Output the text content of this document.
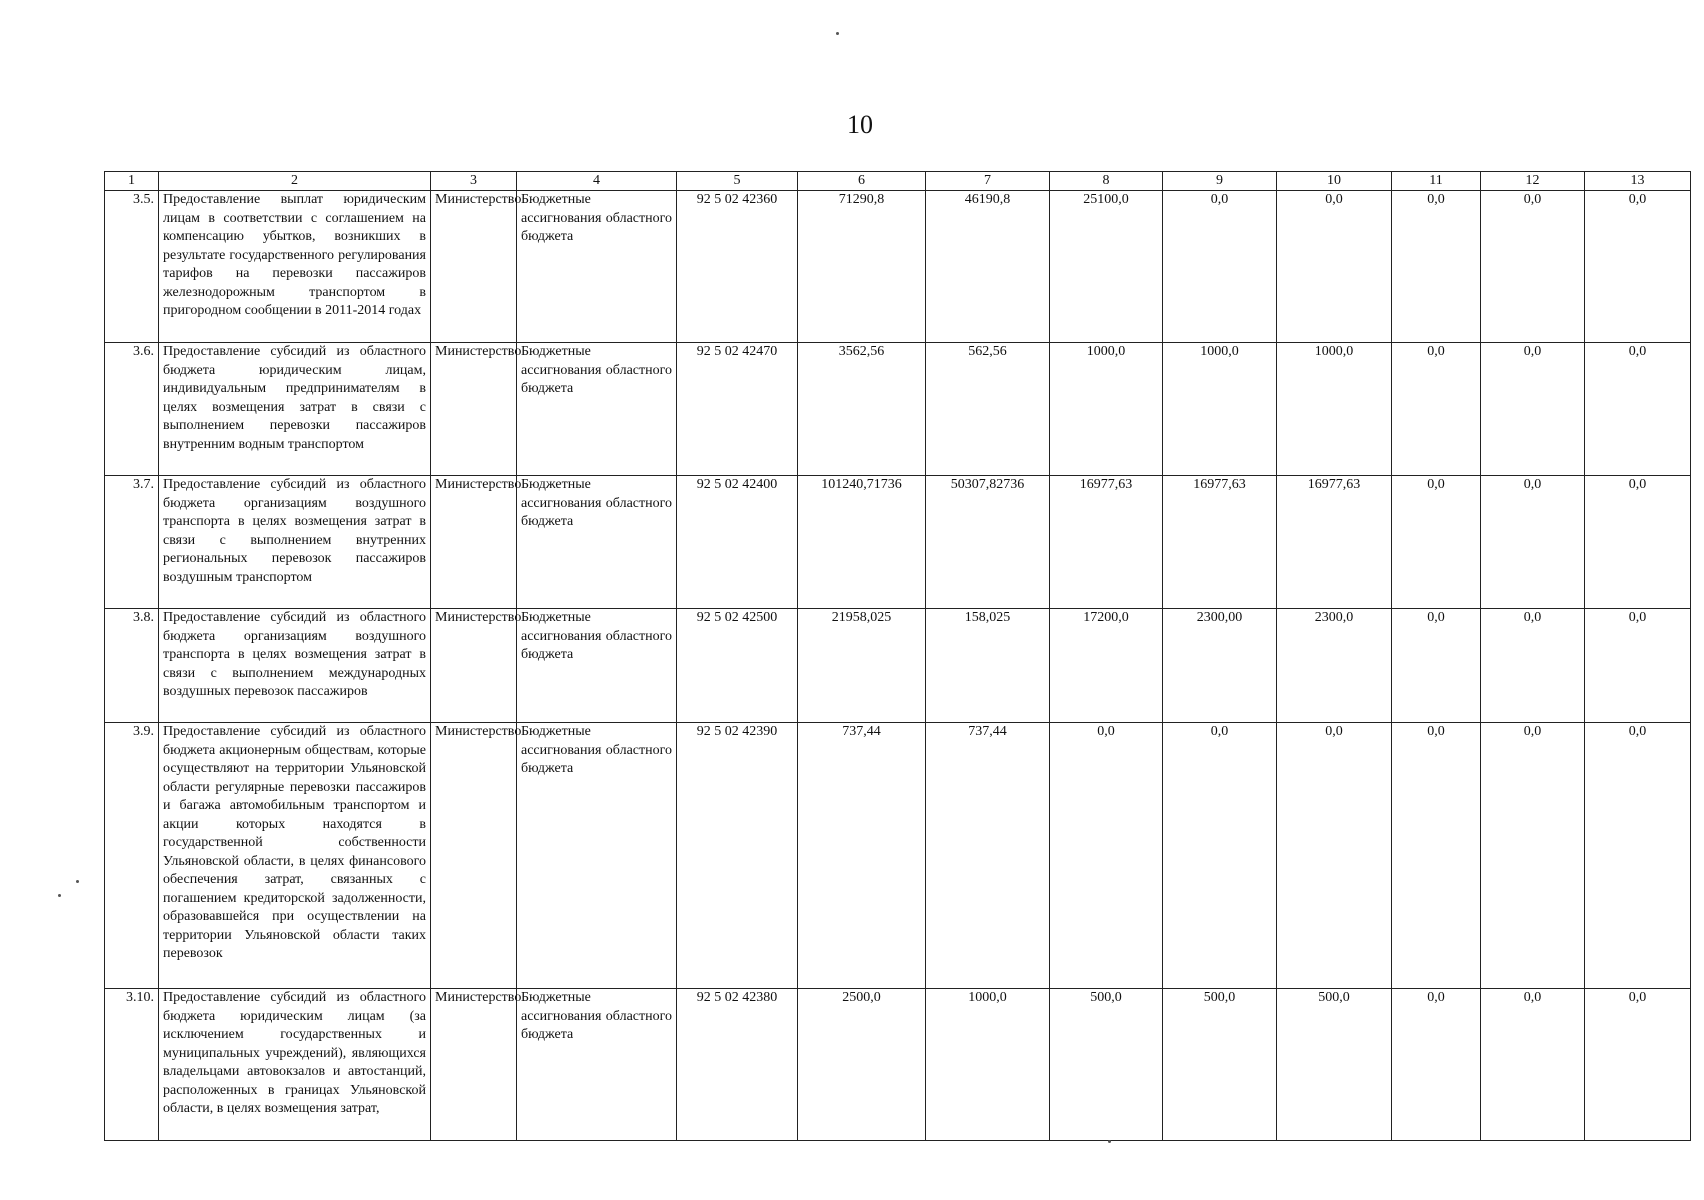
10
1	2	3	4	5	6	7	8	9	10	11	12	13
3.5.	Предоставление выплат юридическим лицам в соответствии с соглашением на компенсацию убытков, возникших в результате государственного регулирования тарифов на перевозки пассажиров железнодорожным транспортом в пригородном сообщении в 2011-2014 годах	Министерство	Бюджетные ассигнования областного бюджета	92 5 02 42360	71290,8	46190,8	25100,0	0,0	0,0	0,0	0,0	0,0
3.6.	Предоставление субсидий из областного бюджета юридическим лицам, индивидуальным предпринимателям в целях возмещения затрат в связи с выполнением перевозки пассажиров внутренним водным транспортом	Министерство	Бюджетные ассигнования областного бюджета	92 5 02 42470	3562,56	562,56	1000,0	1000,0	1000,0	0,0	0,0	0,0
3.7.	Предоставление субсидий из областного бюджета организациям воздушного транспорта в целях возмещения затрат в связи с выполнением внутренних региональных перевозок пассажиров воздушным транспортом	Министерство	Бюджетные ассигнования областного бюджета	92 5 02 42400	101240,71736	50307,82736	16977,63	16977,63	16977,63	0,0	0,0	0,0
3.8.	Предоставление субсидий из областного бюджета организациям воздушного транспорта в целях возмещения затрат в связи с выполнением международных воздушных перевозок пассажиров	Министерство	Бюджетные ассигнования областного бюджета	92 5 02 42500	21958,025	158,025	17200,0	2300,00	2300,0	0,0	0,0	0,0
3.9.	Предоставление субсидий из областного бюджета акционерным обществам, которые осуществляют на территории Ульяновской области регулярные перевозки пассажиров и багажа автомобильным транспортом и акции которых находятся в государственной собственности Ульяновской области, в целях финансового обеспечения затрат, связанных с погашением кредиторской задолженности, образовавшейся при осуществлении на территории Ульяновской области таких перевозок	Министерство	Бюджетные ассигнования областного бюджета	92 5 02 42390	737,44	737,44	0,0	0,0	0,0	0,0	0,0	0,0
3.10.	Предоставление субсидий из областного бюджета юридическим лицам (за исключением государственных и муниципальных учреждений), являющихся владельцами автовокзалов и автостанций, расположенных в границах Ульяновской области, в целях возмещения затрат,	Министерство	Бюджетные ассигнования областного бюджета	92 5 02 42380	2500,0	1000,0	500,0	500,0	500,0	0,0	0,0	0,0
